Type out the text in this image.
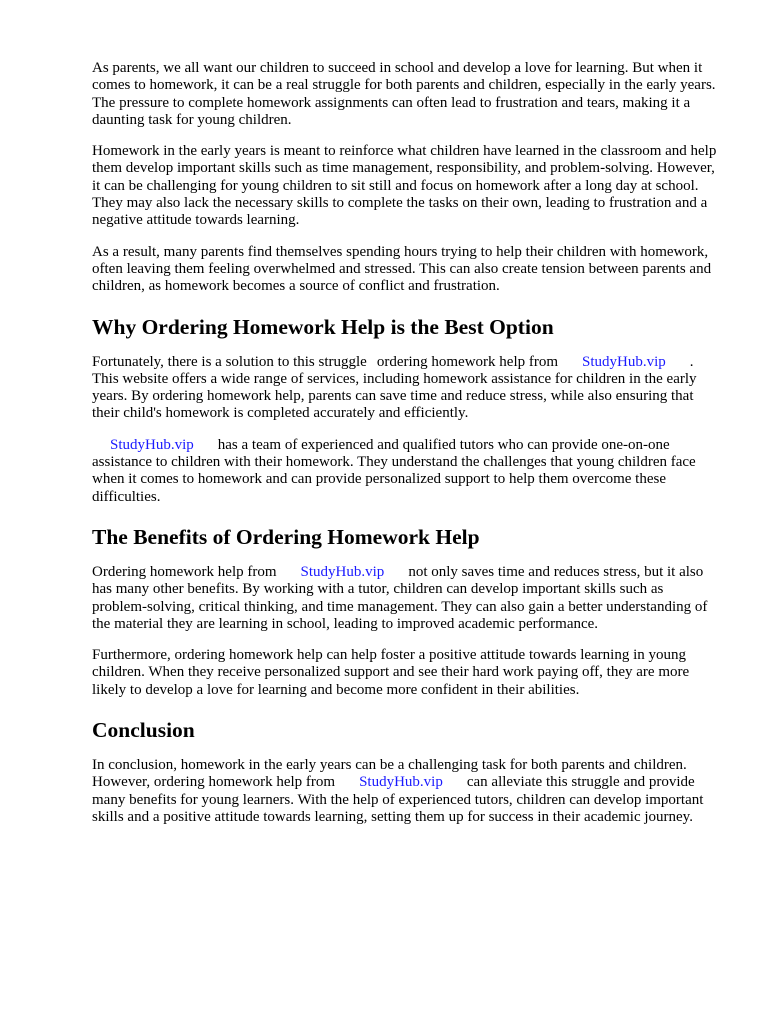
As parents, we all want our children to succeed in school and develop a love for learning. But when it comes to homework, it can be a real struggle for both parents and children, especially in the early years. The pressure to complete homework assignments can often lead to frustration and tears, making it a daunting task for young children.

Homework in the early years is meant to reinforce what children have learned in the classroom and help them develop important skills such as time management, responsibility, and problem-solving. However, it can be challenging for young children to sit still and focus on homework after a long day at school. They may also lack the necessary skills to complete the tasks on their own, leading to frustration and a negative attitude towards learning.

As a result, many parents find themselves spending hours trying to help their children with homework, often leaving them feeling overwhelmed and stressed. This can also create tension between parents and children, as homework becomes a source of conflict and frustration.

Why Ordering Homework Help is the Best Option

Fortunately, there is a solution to this struggle ordering homework help from StudyHub.vip . This website offers a wide range of services, including homework assistance for children in the early years. By ordering homework help, parents can save time and reduce stress, while also ensuring that their child's homework is completed accurately and efficiently.

StudyHub.vip has a team of experienced and qualified tutors who can provide one-on-one assistance to children with their homework. They understand the challenges that young children face when it comes to homework and can provide personalized support to help them overcome these difficulties.

The Benefits of Ordering Homework Help

Ordering homework help from StudyHub.vip not only saves time and reduces stress, but it also has many other benefits. By working with a tutor, children can develop important skills such as problem-solving, critical thinking, and time management. They can also gain a better understanding of the material they are learning in school, leading to improved academic performance.

Furthermore, ordering homework help can help foster a positive attitude towards learning in young children. When they receive personalized support and see their hard work paying off, they are more likely to develop a love for learning and become more confident in their abilities.

Conclusion

In conclusion, homework in the early years can be a challenging task for both parents and children. However, ordering homework help from StudyHub.vip can alleviate this struggle and provide many benefits for young learners. With the help of experienced tutors, children can develop important skills and a positive attitude towards learning, setting them up for success in their academic journey.
